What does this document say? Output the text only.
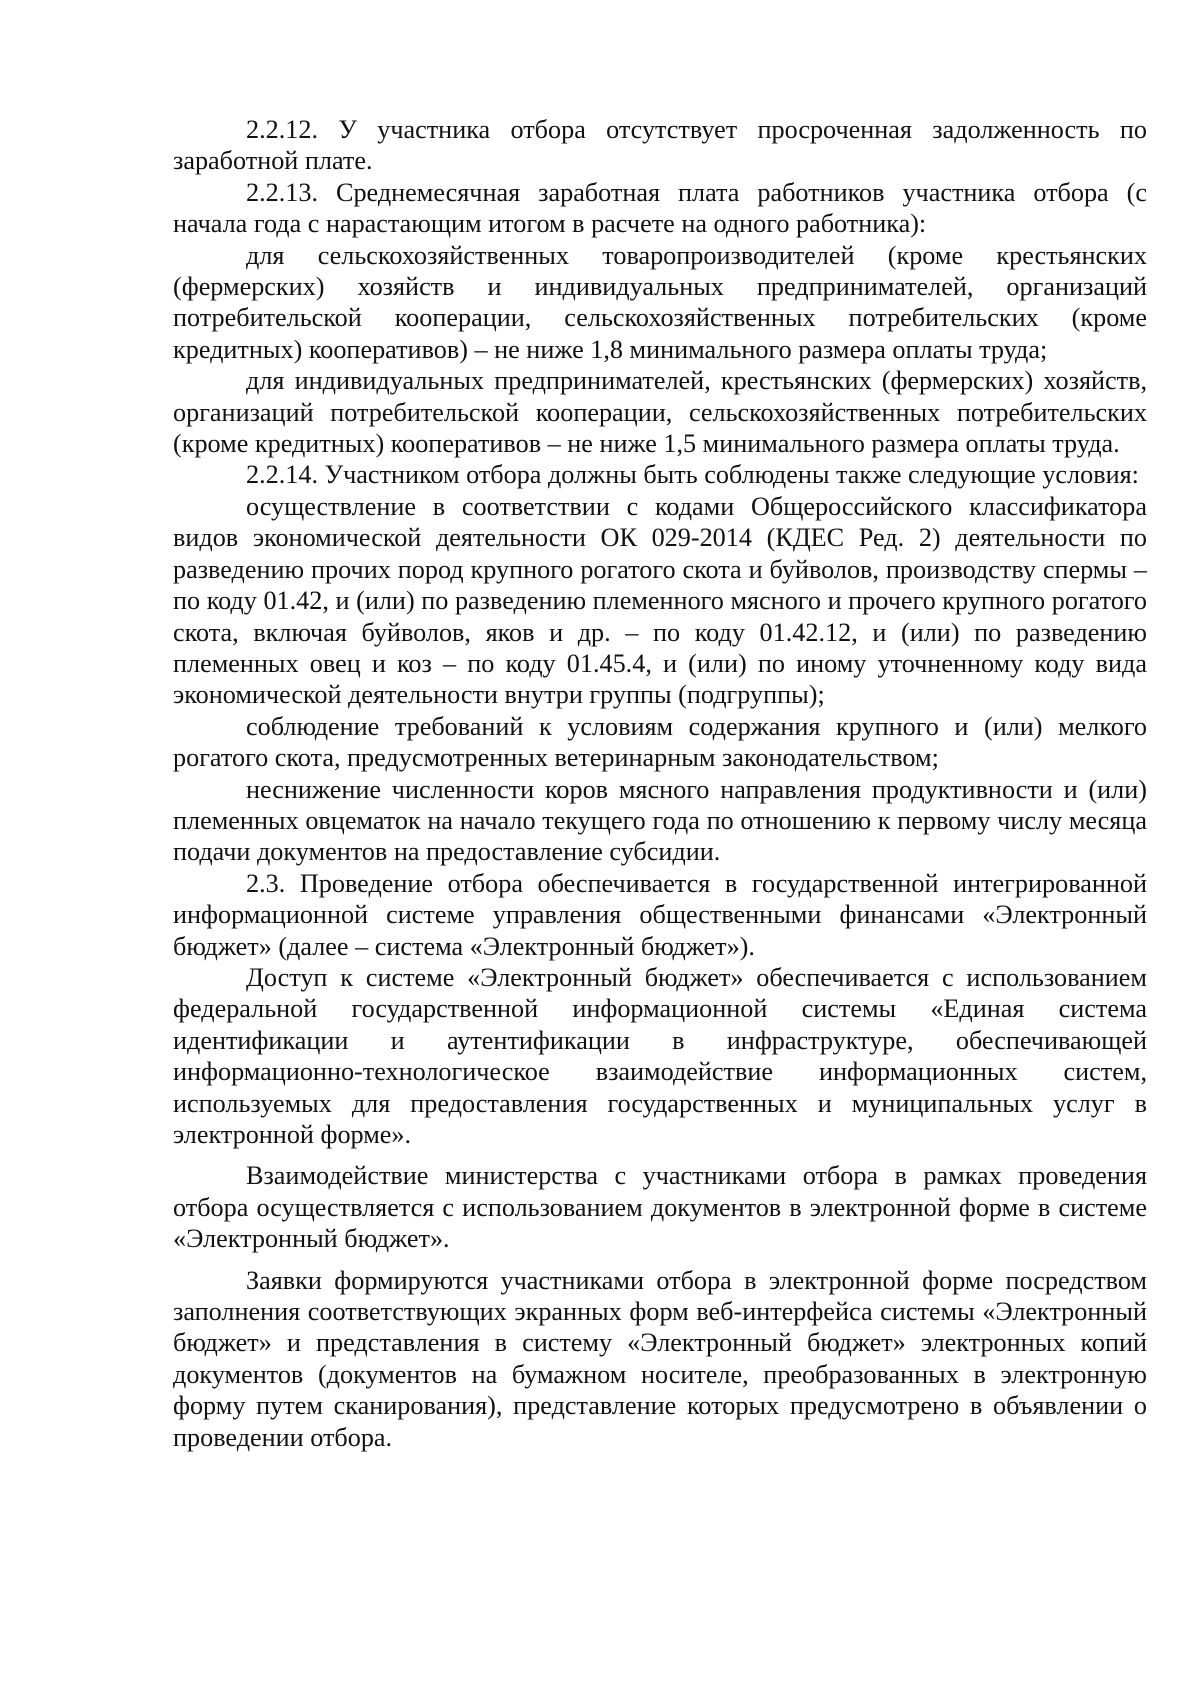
2.2.12. У участника отбора отсутствует просроченная задолженность по заработной плате.

2.2.13. Среднемесячная заработная плата работников участника отбора (с начала года с нарастающим итогом в расчете на одного работника):

для сельскохозяйственных товаропроизводителей (кроме крестьянских (фермерских) хозяйств и индивидуальных предпринимателей, организаций потребительской кооперации, сельскохозяйственных потребительских (кроме кредитных) кооперативов) – не ниже 1,8 минимального размера оплаты труда;

для индивидуальных предпринимателей, крестьянских (фермерских) хозяйств, организаций потребительской кооперации, сельскохозяйственных потребительских (кроме кредитных) кооперативов – не ниже 1,5 минимального размера оплаты труда.

2.2.14. Участником отбора должны быть соблюдены также следующие условия:

осуществление в соответствии с кодами Общероссийского классификатора видов экономической деятельности ОК 029-2014 (КДЕС Ред. 2) деятельности по разведению прочих пород крупного рогатого скота и буйволов, производству спермы – по коду 01.42, и (или) по разведению племенного мясного и прочего крупного рогатого скота, включая буйволов, яков и др. – по коду 01.42.12, и (или) по разведению племенных овец и коз – по коду 01.45.4, и (или) по иному уточненному коду вида экономической деятельности внутри группы (подгруппы);

соблюдение требований к условиям содержания крупного и (или) мелкого рогатого скота, предусмотренных ветеринарным законодательством;

неснижение численности коров мясного направления продуктивности и (или) племенных овцематок на начало текущего года по отношению к первому числу месяца подачи документов на предоставление субсидии.

2.3. Проведение отбора обеспечивается в государственной интегрированной информационной системе управления общественными финансами «Электронный бюджет» (далее – система «Электронный бюджет»).

Доступ к системе «Электронный бюджет» обеспечивается с использованием федеральной государственной информационной системы «Единая система идентификации и аутентификации в инфраструктуре, обеспечивающей информационно-технологическое взаимодействие информационных систем, используемых для предоставления государственных и муниципальных услуг в электронной форме».

Взаимодействие министерства с участниками отбора в рамках проведения отбора осуществляется с использованием документов в электронной форме в системе «Электронный бюджет».

Заявки формируются участниками отбора в электронной форме посредством заполнения соответствующих экранных форм веб-интерфейса системы «Электронный бюджет» и представления в систему «Электронный бюджет» электронных копий документов (документов на бумажном носителе, преобразованных в электронную форму путем сканирования), представление которых предусмотрено в объявлении о проведении отбора.
